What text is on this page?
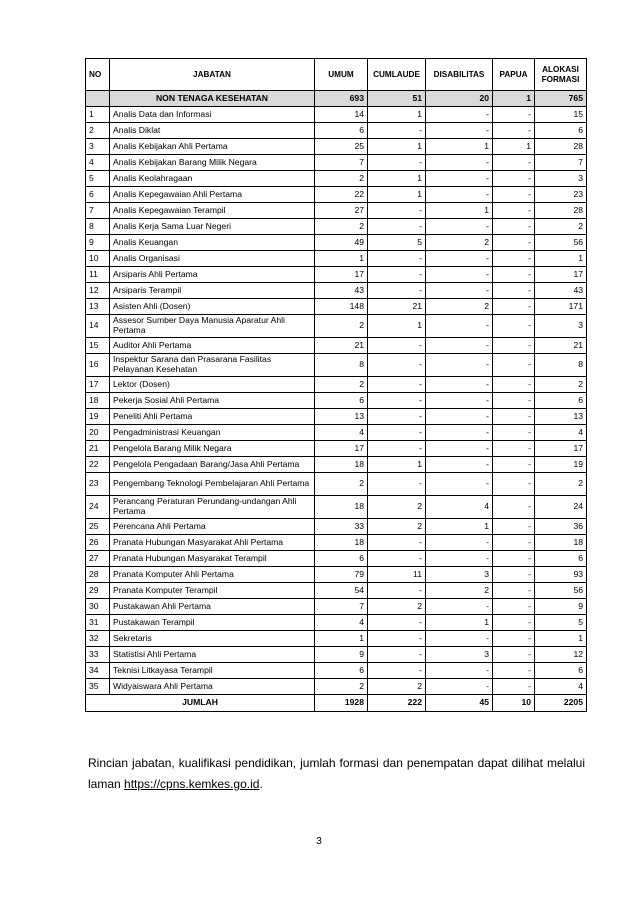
NO	JABATAN	UMUM	CUMLAUDE	DISABILITAS	PAPUA	ALOKASI FORMASI
	NON TENAGA KESEHATAN	693	51	20	1	765
1	Analis Data dan Informasi	14	1	-	-	15
2	Analis Diklat	6	-	-	-	6
3	Analis Kebijakan Ahli Pertama	25	1	1	1	28
4	Analis Kebijakan Barang Milik Negara	7	-	-	-	7
5	Analis Keolahragaan	2	1	-	-	3
6	Analis Kepegawaian Ahli Pertama	22	1	-	-	23
7	Analis Kepegawaian Terampil	27	-	1	-	28
8	Analis Kerja Sama Luar Negeri	2	-	-	-	2
9	Analis Keuangan	49	5	2	-	56
10	Analis Organisasi	1	-	-	-	1
11	Arsiparis Ahli Pertama	17	-	-	-	17
12	Arsiparis Terampil	43	-	-	-	43
13	Asisten Ahli (Dosen)	148	21	2	-	171
14	Assesor Sumber Daya Manusia Aparatur Ahli Pertama	2	1	-	-	3
15	Auditor Ahli Pertama	21	-	-	-	21
16	Inspektur Sarana dan Prasarana Fasilitas Pelayanan Kesehatan	8	-	-	-	8
17	Lektor (Dosen)	2	-	-	-	2
18	Pekerja Sosial Ahli Pertama	6	-	-	-	6
19	Peneliti Ahli Pertama	13	-	-	-	13
20	Pengadministrasi Keuangan	4	-	-	-	4
21	Pengelola Barang Milik Negara	17	-	-	-	17
22	Pengelola Pengadaan Barang/Jasa Ahli Pertama	18	1	-	-	19
23	Pengembang Teknologi Pembelajaran Ahli Pertama	2	-	-	-	2
24	Perancang Peraturan Perundang-undangan Ahli Pertama	18	2	4	-	24
25	Perencana Ahli Pertama	33	2	1	-	36
26	Pranata Hubungan Masyarakat Ahli Pertama	18	-	-	-	18
27	Pranata Hubungan Masyarakat Terampil	6	-	-	-	6
28	Pranata Komputer Ahli Pertama	79	11	3	-	93
29	Pranata Komputer Terampil	54	-	2	-	56
30	Pustakawan Ahli Pertama	7	2	-	-	9
31	Pustakawan Terampil	4	-	1	-	5
32	Sekretaris	1	-	-	-	1
33	Statistisi Ahli Pertama	9	-	3	-	12
34	Teknisi Litkayasa Terampil	6	-	-	-	6
35	Widyaiswara Ahli Pertama	2	2	-	-	4
JUMLAH		1928	222	45	10	2205

Rincian jabatan, kualifikasi pendidikan, jumlah formasi dan penempatan dapat dilihat melalui laman https://cpns.kemkes.go.id.

3
